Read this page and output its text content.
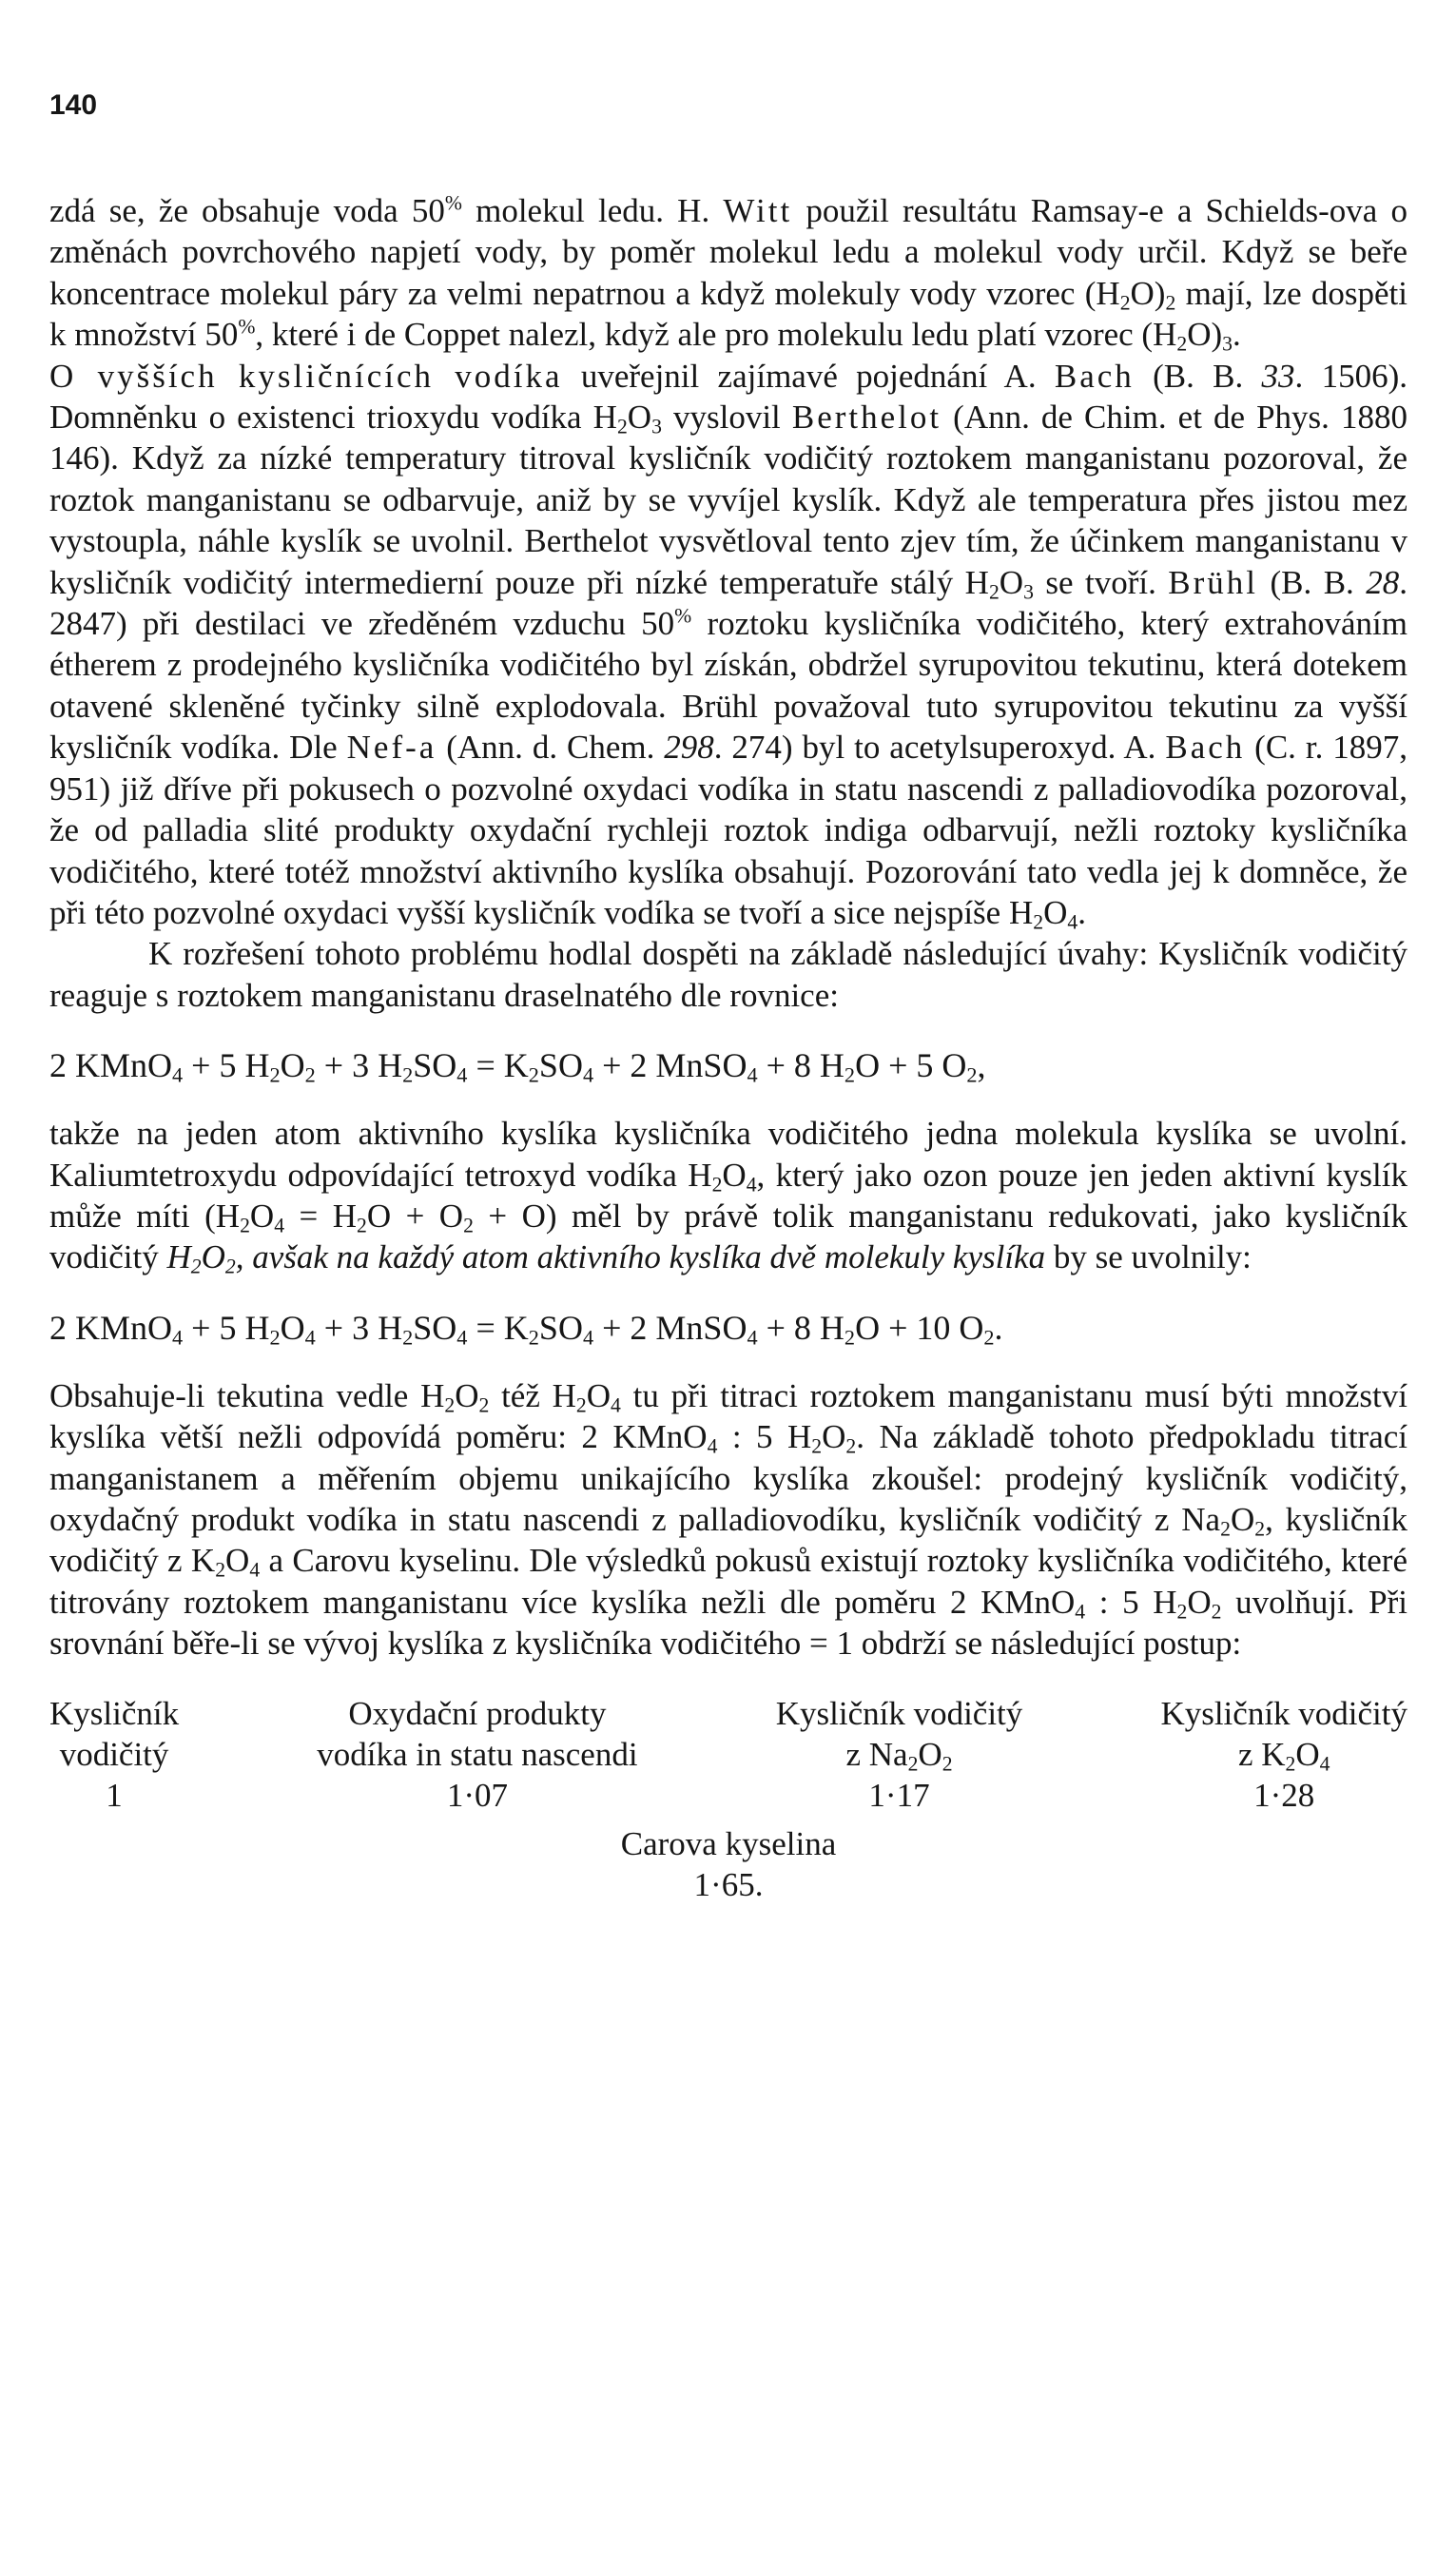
140

zdá se, že obsahuje voda 50% molekul ledu. H. Witt použil resultátu Ramsay-e a Schields-ova o změnách povrchového napjetí vody, by poměr molekul ledu a molekul vody určil. Když se beře koncentrace molekul páry za velmi nepatrnou a když molekuly vody vzorec $(H_2O)_2$ mají, lze dospěti k množství 50%, které i de Coppet nalezl, když ale pro molekulu ledu platí vzorec $(H_2O)_3$.

O vyšších kysličnících vodíka uveřejnil zajímavé pojednání A. Bach (B. B. 33. 1506). Domněnku o existenci trioxydu vodíka $H_2O_3$ vyslovil Berthelot (Ann. de Chim. et de Phys. 1880 146). Když za nízké temperatury titroval kysličník vodičitý roztokem manganistanu pozoroval, že roztok manganistanu se odbarvuje, aniž by se vyvíjel kyslík. Když ale temperatura přes jistou mez vystoupla, náhle kyslík se uvolnil. Berthelot vysvětloval tento zjev tím, že účinkem manganistanu v kysličník vodičitý intermedierní pouze při nízké temperatuře stálý $H_2O_3$ se tvoří. Brühl (B. B. 28. 2847) při destilaci ve zředěném vzduchu 50% roztoku kysličníka vodičitého, který extrahováním étherem z prodejného kysličníka vodičitého byl získán, obdržel syrupovitou tekutinu, která dotekem otavené skleněné tyčinky silně explodovala. Brühl považoval tuto syrupovitou tekutinu za vyšší kysličník vodíka. Dle Nef-a (Ann. d. Chem. 298. 274) byl to acetylsuperoxyd. A. Bach (C. r. 1897, 951) již dříve při pokusech o pozvolné oxydaci vodíka in statu nascendi z palladiovodíka pozoroval, že od palladia slité produkty oxydační rychleji roztok indiga odbarvují, nežli roztoky kysličníka vodičitého, které totéž množství aktivního kyslíka obsahují. Pozorování tato vedla jej k domněce, že při této pozvolné oxydaci vyšší kysličník vodíka se tvoří a sice nejspíše $H_2O_4$.

K rozřešení tohoto problému hodlal dospěti na základě následující úvahy: Kysličník vodičitý reaguje s roztokem manganistanu draselnatého dle rovnice:

2 KMnO$_4$ + 5 $H_2O_2 + 3$ $H_2SO_4 = K_2SO_4 + 2$ MnSO$_4$ + 8 $H_2O + 5$ $O_2$,

takže na jeden atom aktivního kyslíka kysličníka vodičitého jedna molekula kyslíka se uvolní. Kaliumtetroxydu odpovídající tetroxyd vodíka $H_2O_4$, který jako ozon pouze jen jeden aktivní kyslík může míti $(H_2O_4 = H_2O + O_2 + O)$ měl by právě tolik manganistanu redukovati, jako kysličník vodičitý $H_2O_2$, avšak na každý atom aktivního kyslíka dvě molekuly kyslíka by se uvolnily:

2 KMnO$_4$ + 5 $H_2O_4 + 3$ $H_2SO_4 = K_2SO_4 + 2$ MnSO$_4$ + 8 $H_2O + 10$ $O_2$.

Obsahuje-li tekutina vedle $H_2O_2$ též $H_2O_4$ tu při titraci roztokem manganistanu musí býti množství kyslíka větší nežli odpovídá poměru: 2 KMnO$_4$ : 5 $H_2O_2$. Na základě tohoto předpokladu titrací manganistanem a měřením objemu unikajícího kyslíka zkoušel: prodejný kysličník vodičitý, oxydačný produkt vodíka in statu nascendi z palladiovodíku, kysličník vodičitý z $Na_2O_2$, kysličník vodičitý z $K_2O_4$ a Carovu kyselinu. Dle výsledků pokusů existují roztoky kysličníka vodičitého, které titrovány roztokem manganistanu více kyslíka nežli dle poměru 2 KMnO$_4$ : 5 $H_2O_2$ uvolňují. Při srovnání běře-li se vývoj kyslíka z kysličníka vodičitého = 1 obdrží se následující postup:

Kysličník
vodičitý
1
Oxydační produkty
vodíka in statu nascendi
1·07
Kysličník vodičitý
z $Na_2O_2$
1·17
Kysličník vodičitý
z $K_2O_4$
1·28
Carova kyselina
1·65.
